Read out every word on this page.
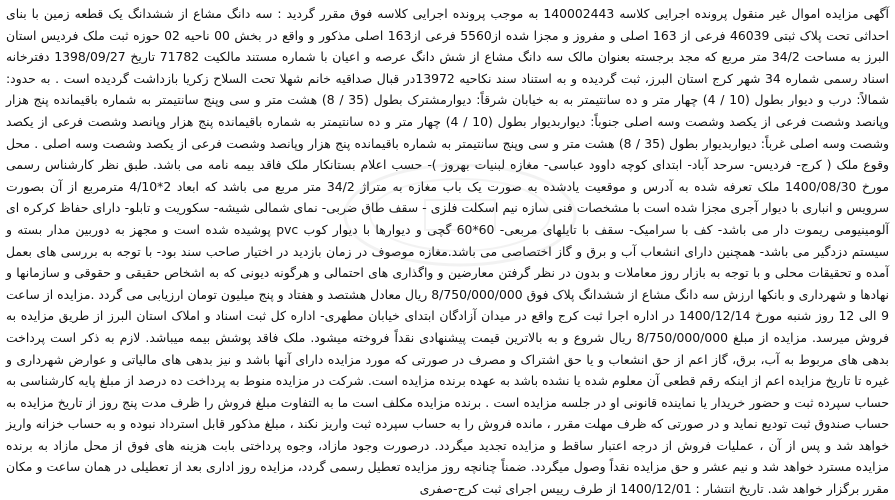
آگهی مزایده اموال غیر منقول پرونده اجرایی کلاسه 140002443 به موجب پرونده اجرایی کلاسه فوق مقرر گردید : سه دانگ مشاع از ششدانگ یک قطعه زمین با بنای احداثی تحت پلاک ثبتی 46039 فرعی از 163 اصلی و مفروز و مجزا شده از5560 فرعی از163 اصلی مذکور و واقع در بخش 00 ناحیه 02 حوزه ثبت ملک فردیس استان البرز به مساحت 34/2 متر مربع که مجد برجسته بعنوان مالک سه دانگ مشاع از شش دانگ عرصه و اعیان با شماره مستند مالکیت 71782 تاریخ 1398/09/27 دفترخانه اسناد رسمی شماره 34 شهر کرج استان البرز، ثبت گردیده و به استناد سند نکاحیه 13972در قبال صداقیه خانم شهلا تحت السلاح زکریا بازداشت گردیده است . به حدود: شمالاً: درب و دیوار بطول (10 / 4) چهار متر و ده سانتیمتر به به خیابان شرقاً: دیوارمشترک بطول (35 / 8) هشت متر و سی وپنج سانتیمتر به شماره باقیمانده پنج هزار وپانصد وشصت فرعی از یکصد وشصت وسه اصلی جنوباً: دیواربدیوار بطول (10 / 4) چهار متر و ده سانتیمتر به شماره باقیمانده پنج هزار وپانصد وشصت فرعی از یکصد وشصت وسه اصلی غرباً: دیواربدیوار بطول (35 / 8) هشت متر و سی وپنج سانتیمتر به شماره باقیمانده پنج هزار وپانصد وشصت فرعی از یکصد وشصت وسه اصلی . محل وقوع ملک ( کرج- فردیس- سرحد آباد- ابتدای کوچه داوود عباسی- مغازه لبنیات بهروز )- حسب اعلام بستانکار ملک فاقد بیمه نامه می باشد. طبق نظر کارشناس رسمی مورخ 1400/08/30 ملک تعرفه شده به آدرس و موقعیت یادشده به صورت یک باب مغازه به متراژ 34/2 متر مربع می باشد که ابعاد 2*4/10 مترمربع از آن بصورت سرویس و انباری با دیوار آجری مجزا شده است با مشخصات فنی سازه نیم اسکلت فلزی - سقف طاق ضربی- نمای شمالی شیشه- سکوریت و تابلو- دارای حفاظ کرکره ای آلومینیومی ریموت دار می باشد- کف با سرامیک- سقف با تایلهای مربعی- 60*60 گچی و دیوارها با دیوار کوب pvc پوشیده شده است و مجهز به دوربین مدار بسته و سیستم دزدگیر می باشد- همچنین دارای انشعاب آب و برق و گاز اختصاصی می باشد.مغازه موصوف در زمان بازدید در اختیار صاحب سند بود- با توجه به بررسی های بعمل آمده و تحقیقات محلی و با توجه به بازار روز معاملات و بدون در نظر گرفتن معارضین و واگذاری های احتمالی و هرگونه دیونی که به اشخاص حقیقی و حقوقی و سازمانها و نهادها و شهرداری و بانکها ارزش سه دانگ مشاع از ششدانگ پلاک فوق 8/750/000/000 ریال معادل هشتصد و هفتاد و پنج میلیون تومان ارزیابی می گردد .مزایده از ساعت 9 الی 12 روز شنبه مورخ 1400/12/14 در اداره اجرا ثبت کرج واقع در میدان آزادگان ابتدای خیابان مطهری- اداره کل ثبت اسناد و املاک استان البرز از طریق مزایده به فروش میرسد. مزایده از مبلغ 8/750/000/000 ریال شروع و به بالاترین قیمت پیشنهادی نقداً فروخته میشود. ملک فاقد پوشش بیمه میباشد. لازم به ذکر است پرداخت بدهی های مربوط به آب، برق، گاز اعم از حق انشعاب و یا حق اشتراک و مصرف در صورتی که مورد مزایده دارای آنها باشد و نیز بدهی های مالیاتی و عوارض شهرداری و غیره تا تاریخ مزایده اعم از اینکه رقم قطعی آن معلوم شده یا نشده باشد به عهده برنده مزایده است. شرکت در مزایده منوط به پرداخت ده درصد از مبلغ پایه کارشناسی به حساب سپرده ثبت و حضور خریدار یا نماینده قانونی او در جلسه مزایده است . برنده مزایده مکلف است ما به التفاوت مبلغ فروش را ظرف مدت پنج روز از تاریخ مزایده به حساب صندوق ثبت تودیع نماید و در صورتی که ظرف مهلت مقرر ، مانده فروش را به حساب سپرده ثبت واریز نکند ، مبلغ مذکور قابل استرداد نبوده و به حساب خزانه واریز خواهد شد و پس از آن ، عملیات فروش از درجه اعتبار ساقط و مزایده تجدید میگردد. درصورت وجود مازاد، وجوه پرداختی بابت هزینه های فوق از محل مازاد به برنده مزایده مسترد خواهد شد و نیم عشر و حق مزایده نقداً وصول میگردد. ضمناً چنانچه روز مزایده تعطیل رسمی گردد، مزایده روز اداری بعد از تعطیلی در همان ساعت و مکان مقرر برگزار خواهد شد. تاریخ انتشار : 1400/12/01 از طرف رییس اجرای ثبت کرج-صفری
